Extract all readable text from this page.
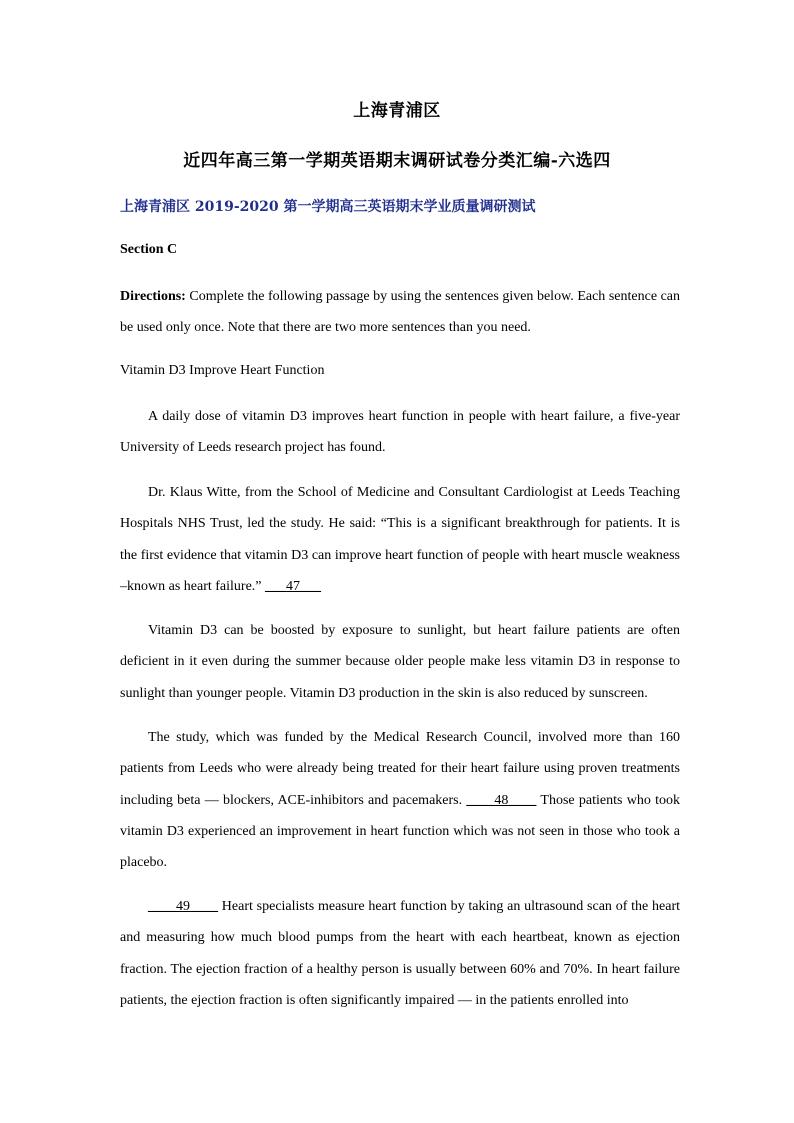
上海青浦区
近四年高三第一学期英语期末调研试卷分类汇编-六选四
上海青浦区 2019-2020 第一学期高三英语期末学业质量调研测试
Section C
Directions: Complete the following passage by using the sentences given below. Each sentence can be used only once. Note that there are two more sentences than you need.
Vitamin D3 Improve Heart Function
A daily dose of vitamin D3 improves heart function in people with heart failure, a five-year University of Leeds research project has found.
Dr. Klaus Witte, from the School of Medicine and Consultant Cardiologist at Leeds Teaching Hospitals NHS Trust, led the study. He said: “This is a significant breakthrough for patients. It is the first evidence that vitamin D3 can improve heart function of people with heart muscle weakness –known as heart failure.” ___47___
Vitamin D3 can be boosted by exposure to sunlight, but heart failure patients are often deficient in it even during the summer because older people make less vitamin D3 in response to sunlight than younger people. Vitamin D3 production in the skin is also reduced by sunscreen.
The study, which was funded by the Medical Research Council, involved more than 160 patients from Leeds who were already being treated for their heart failure using proven treatments including beta — blockers, ACE-inhibitors and pacemakers. ____48____ Those patients who took vitamin D3 experienced an improvement in heart function which was not seen in those who took a placebo.
____49____ Heart specialists measure heart function by taking an ultrasound scan of the heart and measuring how much blood pumps from the heart with each heartbeat, known as ejection fraction. The ejection fraction of a healthy person is usually between 60% and 70%. In heart failure patients, the ejection fraction is often significantly impaired — in the patients enrolled into
